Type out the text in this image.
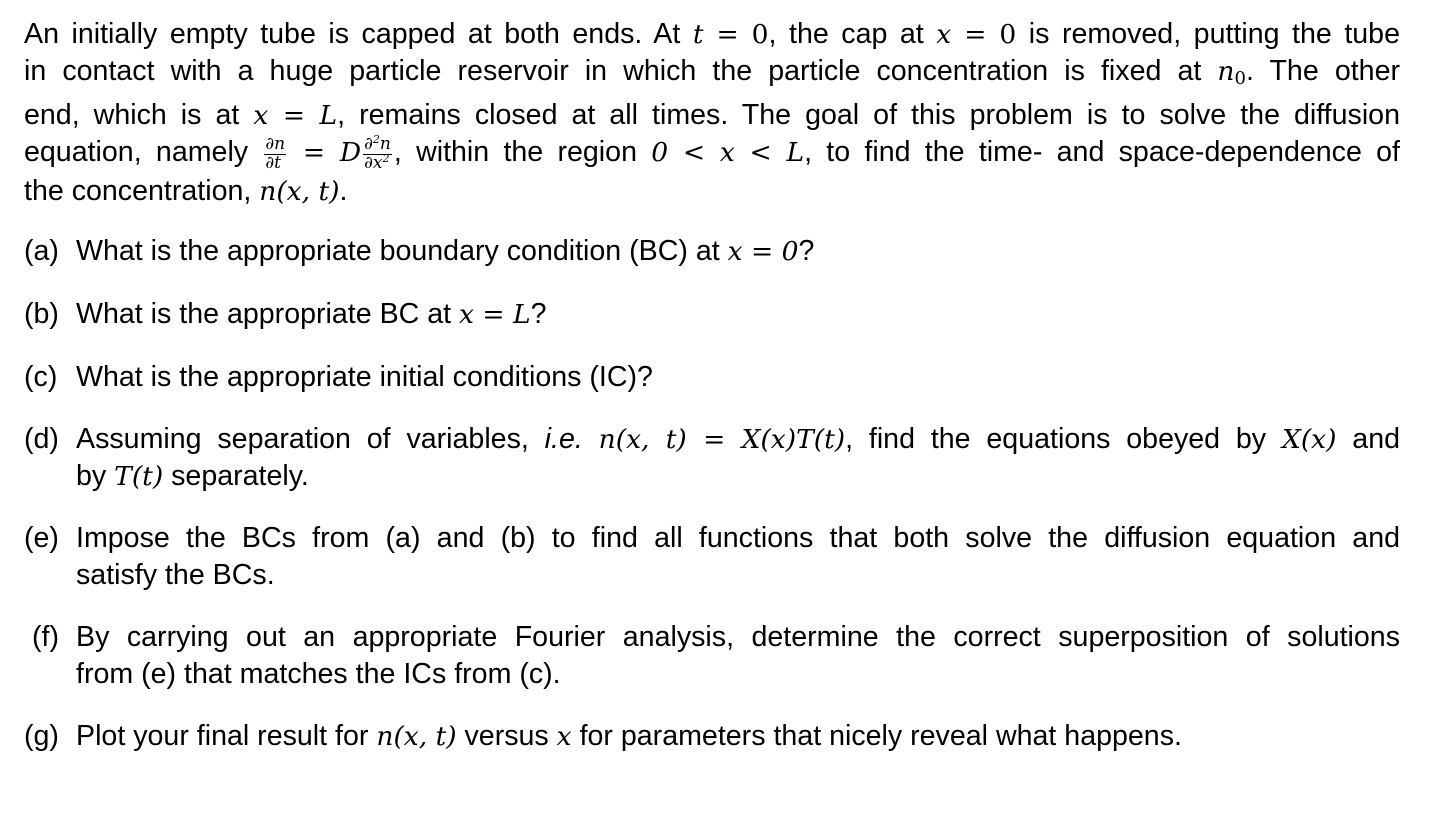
An initially empty tube is capped at both ends. At t = 0, the cap at x = 0 is removed, putting the tube
in contact with a huge particle reservoir in which the particle concentration is fixed at $n_0$. The other
end, which is at x = L, remains closed at all times. The goal of this problem is to solve the diffusion
equation, namely $\frac{\partial n}{\partial t} = D \frac{\partial^2n}{\partial x^2}$ , within the region 0 < x < L, to find the time- and space-dependence of
the concentration, n(x, t).
(a) What is the appropriate boundary condition (BC) at x = 0?
(b) What is the appropriate BC at x = L?
(c) What is the appropriate initial conditions (IC)?
(d) Assuming separation of variables, i.e. n(x, t) = X(x)T(t), find the equations obeyed by X(x) and
by T(t) separately.
(e) Impose the BCs from (a) and (b) to find all functions that both solve the diffusion equation and
satisfy the BCs.
(f) By carrying out an appropriate Fourier analysis, determine the correct superposition of solutions
from (e) that matches the ICs from (c).
(g) Plot your final result for n(x, t) versus x for parameters that nicely reveal what happens.
